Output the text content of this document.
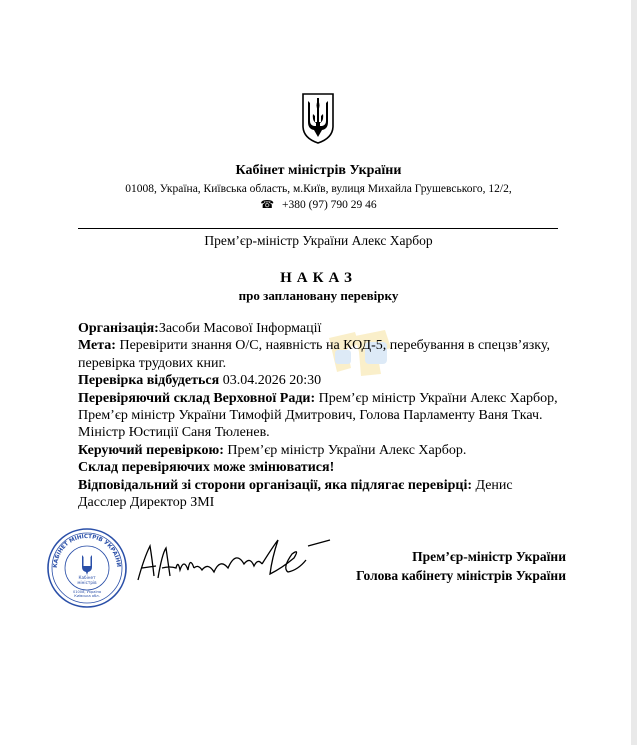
Кабінет міністрів України
01008, Україна, Київська область, м.Київ, вулиця Михайла Грушевського, 12/2,
☎ +380 (97) 790 29 46
Прем’єр-міністр України Алекс Харбор
НАКАЗ
про заплановану перевірку

Організація:Засоби Масової Інформації

Мета: Перевірити знання О/С, наявність на КОД-5, перебування в спецзв’язку, перевірка трудових книг.

Перевірка відбудеться 03.04.2026 20:30

Перевіряючий склад Верховної Ради: Прем’єр міністр України Алекс Харбор, Прем’єр міністр України Тимофій Дмитрович, Голова Парламенту Ваня Ткач. Міністр Юстиції Саня Тюленев.

Керуючий перевіркою: Прем’єр міністр України Алекс Харбор.

Склад перевіряючих може змінюватися!

Відповідальний зі сторони організації, яка підлягає перевірці: Денис Дасслер Директор ЗМІ

КАБІНЕТ МІНІСТРІВ УКРАЇНИ
Кабінет
міністрів
01008, Україна
Київська обл.
Прем’єр-міністр України
Голова кабінету міністрів України
